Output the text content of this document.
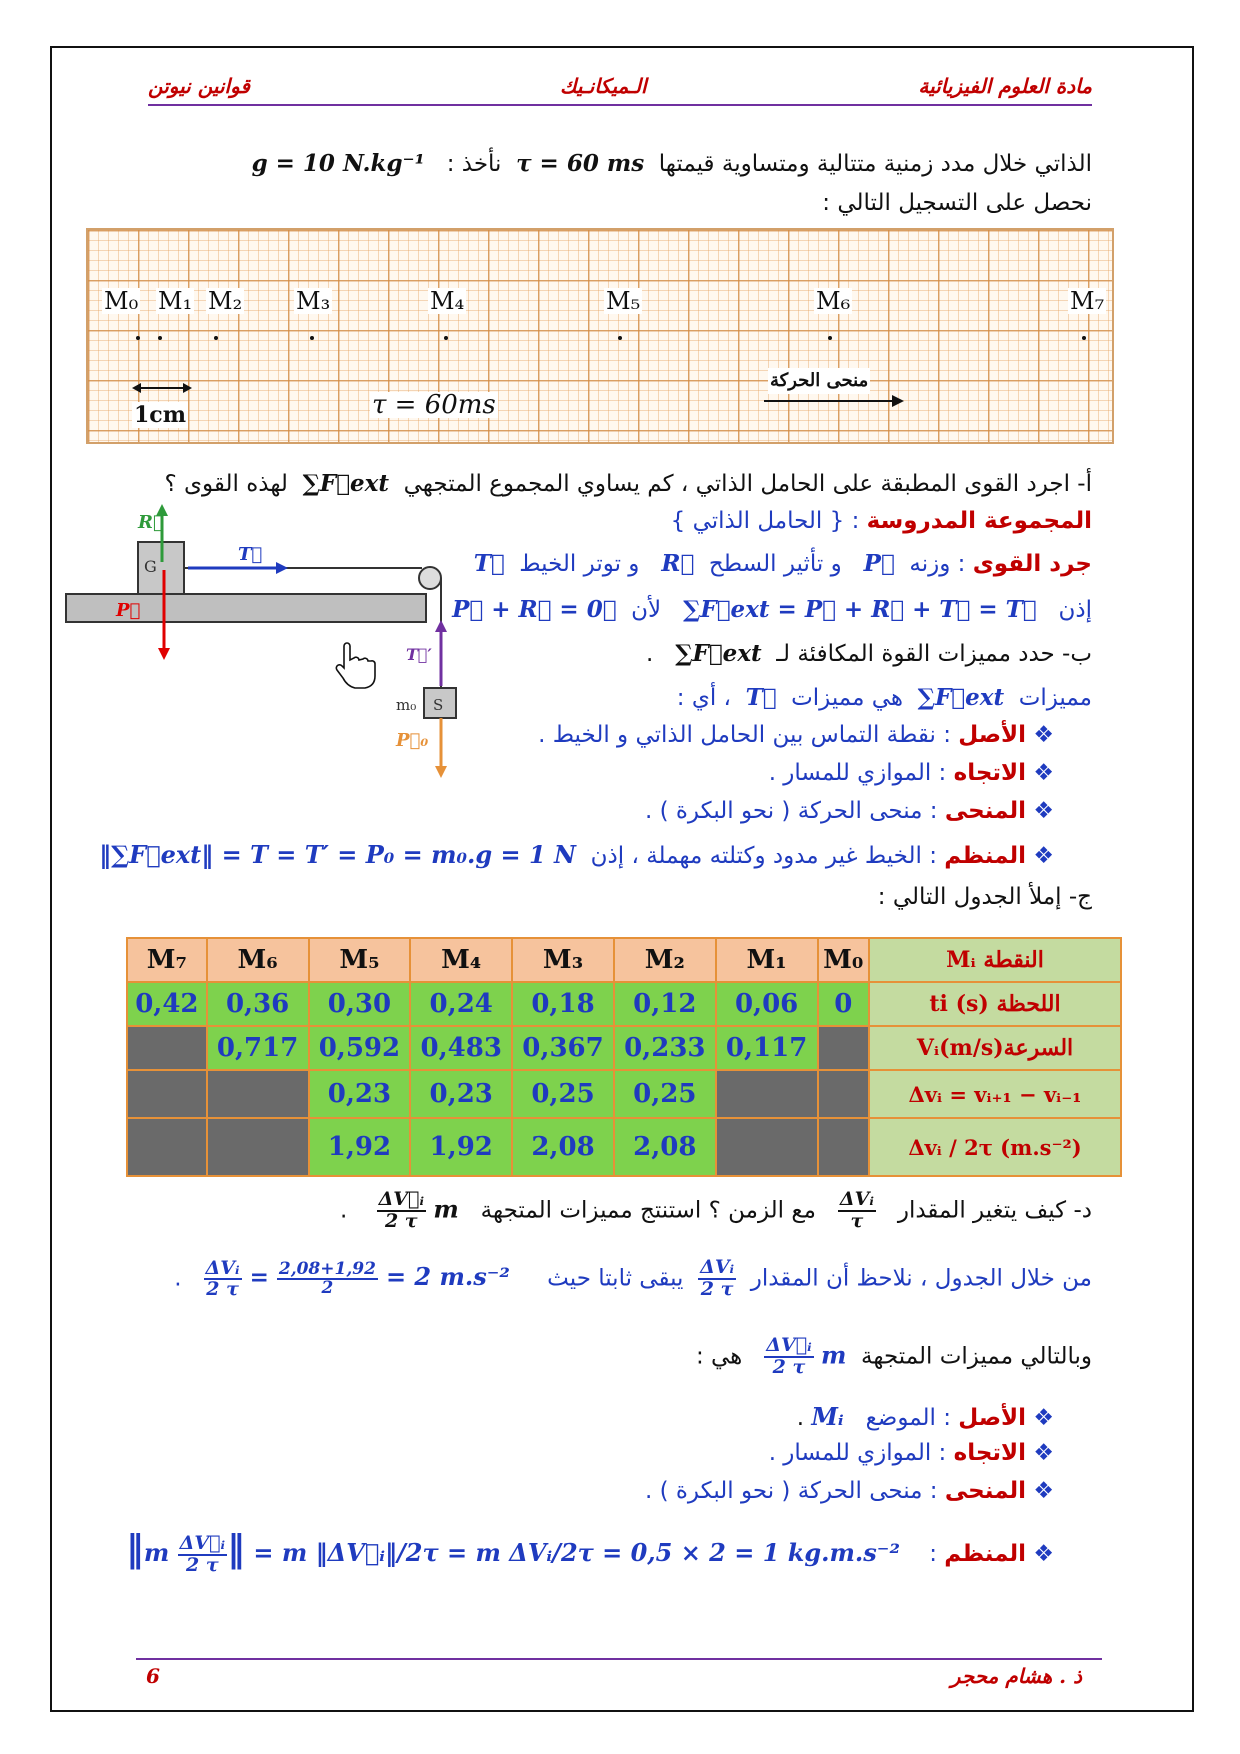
قوانين نيوتن	الـميكانـيك	مادة العلوم الفيزيائية
الذاتي خلال مدد زمنية متتالية ومتساوية قيمتها  τ = 60 ms  نأخذ :   g = 10 N.kg⁻¹
نحصل على التسجيل التالي :
M₀ M₁ M₂ M₃	M₄	M₅	M₆	M₇
1cm	τ = 60ms
منحى الحركة
أ- اجرد القوى المطبقة على الحامل الذاتي ، كم يساوي المجموع المتجهي  ∑F⃗ext  لهذه القوى ؟
المجموعة المدروسة : { الحامل الذاتي }
جرد القوى : وزنه  P⃗   و تأثير السطح  R⃗   و توتر الخيط  T⃗
إذن   ∑F⃗ext = P⃗ + R⃗ + T⃗ = T⃗   لأن  P⃗ + R⃗ = 0⃗
R⃗
T⃗
G
P⃗
T⃗′
m₀ S
P⃗₀
ب- حدد مميزات القوة المكافئة لـ  ∑F⃗ext   .
مميزات  ∑F⃗ext  هي مميزات  T⃗  ، أي :
❖ الأصل : نقطة التماس بين الحامل الذاتي و الخيط .
❖ الاتجاه : الموازي للمسار .
❖ المنحى : منحى الحركة ( نحو البكرة ) .
❖ المنظم : الخيط غير مدود وكتلته مهملة ، إذن  ‖∑F⃗ext‖ = T = T′ = P₀ = m₀.g = 1 N
ج- إملأ الجدول التالي :
M₇	M₆	M₅	M₄	M₃	M₂	M₁	M₀	النقطة Mᵢ
0,42	0,36	0,30	0,24	0,18	0,12	0,06	0	اللحظة ti (s)
	0,717	0,592	0,483	0,367	0,233	0,117		السرعةVᵢ(m/s)
		0,23	0,23	0,25	0,25			Δvᵢ = vᵢ₊₁ − vᵢ₋₁
		1,92	1,92	2,08	2,08			Δvᵢ / 2τ (m.s⁻²)
د- كيف يتغير المقدار
$\frac{\text{ΔVᵢ}}{\tau}$
مع الزمن ؟ استنتج مميزات المتجهة   m
$\frac{\text{ΔV⃗ᵢ}}{2 \tau}$
.
من خلال الجدول ، نلاحظ أن المقدار
$\frac{\text{ΔVᵢ}}{2 \tau}$
يبقى ثابتا حيث
$\frac{\text{ΔVᵢ}}{2 \tau} = \frac{2,08+1,92}{2} = 2$ m.s⁻²    .
وبالتالي مميزات المتجهة  m
$\frac{\text{ΔV⃗ᵢ}}{2 \tau}$
هي :
❖ الأصل : الموضع   Mᵢ .
❖ الاتجاه : الموازي للمسار .
❖ المنحى : منحى الحركة ( نحو البكرة ) .
❖ المنظم :    ‖m $\frac{\text{ΔV⃗ᵢ}}{2 \tau}$ ‖ = m ‖ΔV⃗ᵢ‖/2τ = m ΔVᵢ/2τ = 0,5 × 2 = 1 kg.m.s⁻²
6	ذ . هشام محجر
